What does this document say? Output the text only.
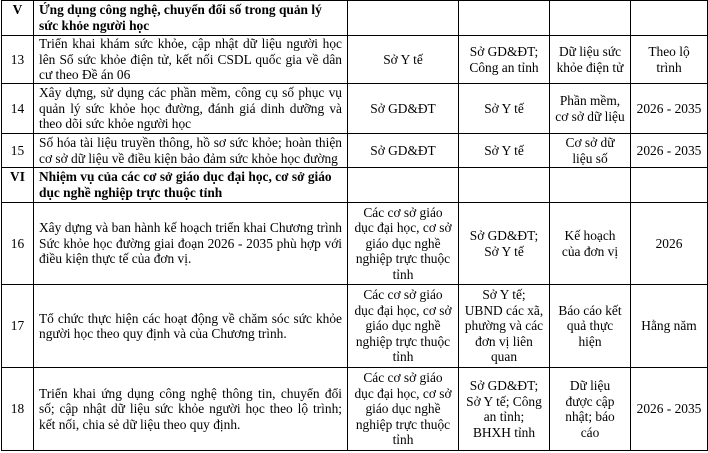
V	Ứng dụng công nghệ, chuyển đổi số trong quản lý sức khỏe người học				
13	Triển khai khám sức khỏe, cập nhật dữ liệu người học lên Sổ sức khỏe điện tử, kết nối CSDL quốc gia về dân cư theo Đề án 06	Sở Y tế	Sở GD&ĐT; Công an tỉnh	Dữ liệu sức khỏe điện tử	Theo lộ trình
14	Xây dựng, sử dụng các phần mềm, công cụ số phục vụ quản lý sức khỏe học đường, đánh giá dinh dưỡng và theo dõi sức khỏe người học	Sở GD&ĐT	Sở Y tế	Phần mềm, cơ sở dữ liệu	2026 - 2035
15	Số hóa tài liệu truyền thông, hồ sơ sức khỏe; hoàn thiện cơ sở dữ liệu về điều kiện bảo đảm sức khỏe học đường	Sở GD&ĐT	Sở Y tế	Cơ sở dữ liệu số	2026 - 2035
VI	Nhiệm vụ của các cơ sở giáo dục đại học, cơ sở giáo dục nghề nghiệp trực thuộc tỉnh				
16	Xây dựng và ban hành kế hoạch triển khai Chương trình Sức khỏe học đường giai đoạn 2026 - 2035 phù hợp với điều kiện thực tế của đơn vị.	Các cơ sở giáo dục đại học, cơ sở giáo dục nghề nghiệp trực thuộc tỉnh	Sở GD&ĐT; Sở Y tế	Kế hoạch của đơn vị	2026
17	Tổ chức thực hiện các hoạt động về chăm sóc sức khỏe người học theo quy định và của Chương trình.	Các cơ sở giáo dục đại học, cơ sở giáo dục nghề nghiệp trực thuộc tỉnh	Sở Y tế; UBND các xã, phường và các đơn vị liên quan	Báo cáo kết quả thực hiện	Hằng năm
18	Triển khai ứng dụng công nghệ thông tin, chuyển đổi số; cập nhật dữ liệu sức khỏe người học theo lộ trình; kết nối, chia sẻ dữ liệu theo quy định.	Các cơ sở giáo dục đại học, cơ sở giáo dục nghề nghiệp trực thuộc tỉnh	Sở GD&ĐT; Sở Y tế; Công an tỉnh; BHXH tỉnh	Dữ liệu được cập nhật; báo cáo	2026 - 2035
